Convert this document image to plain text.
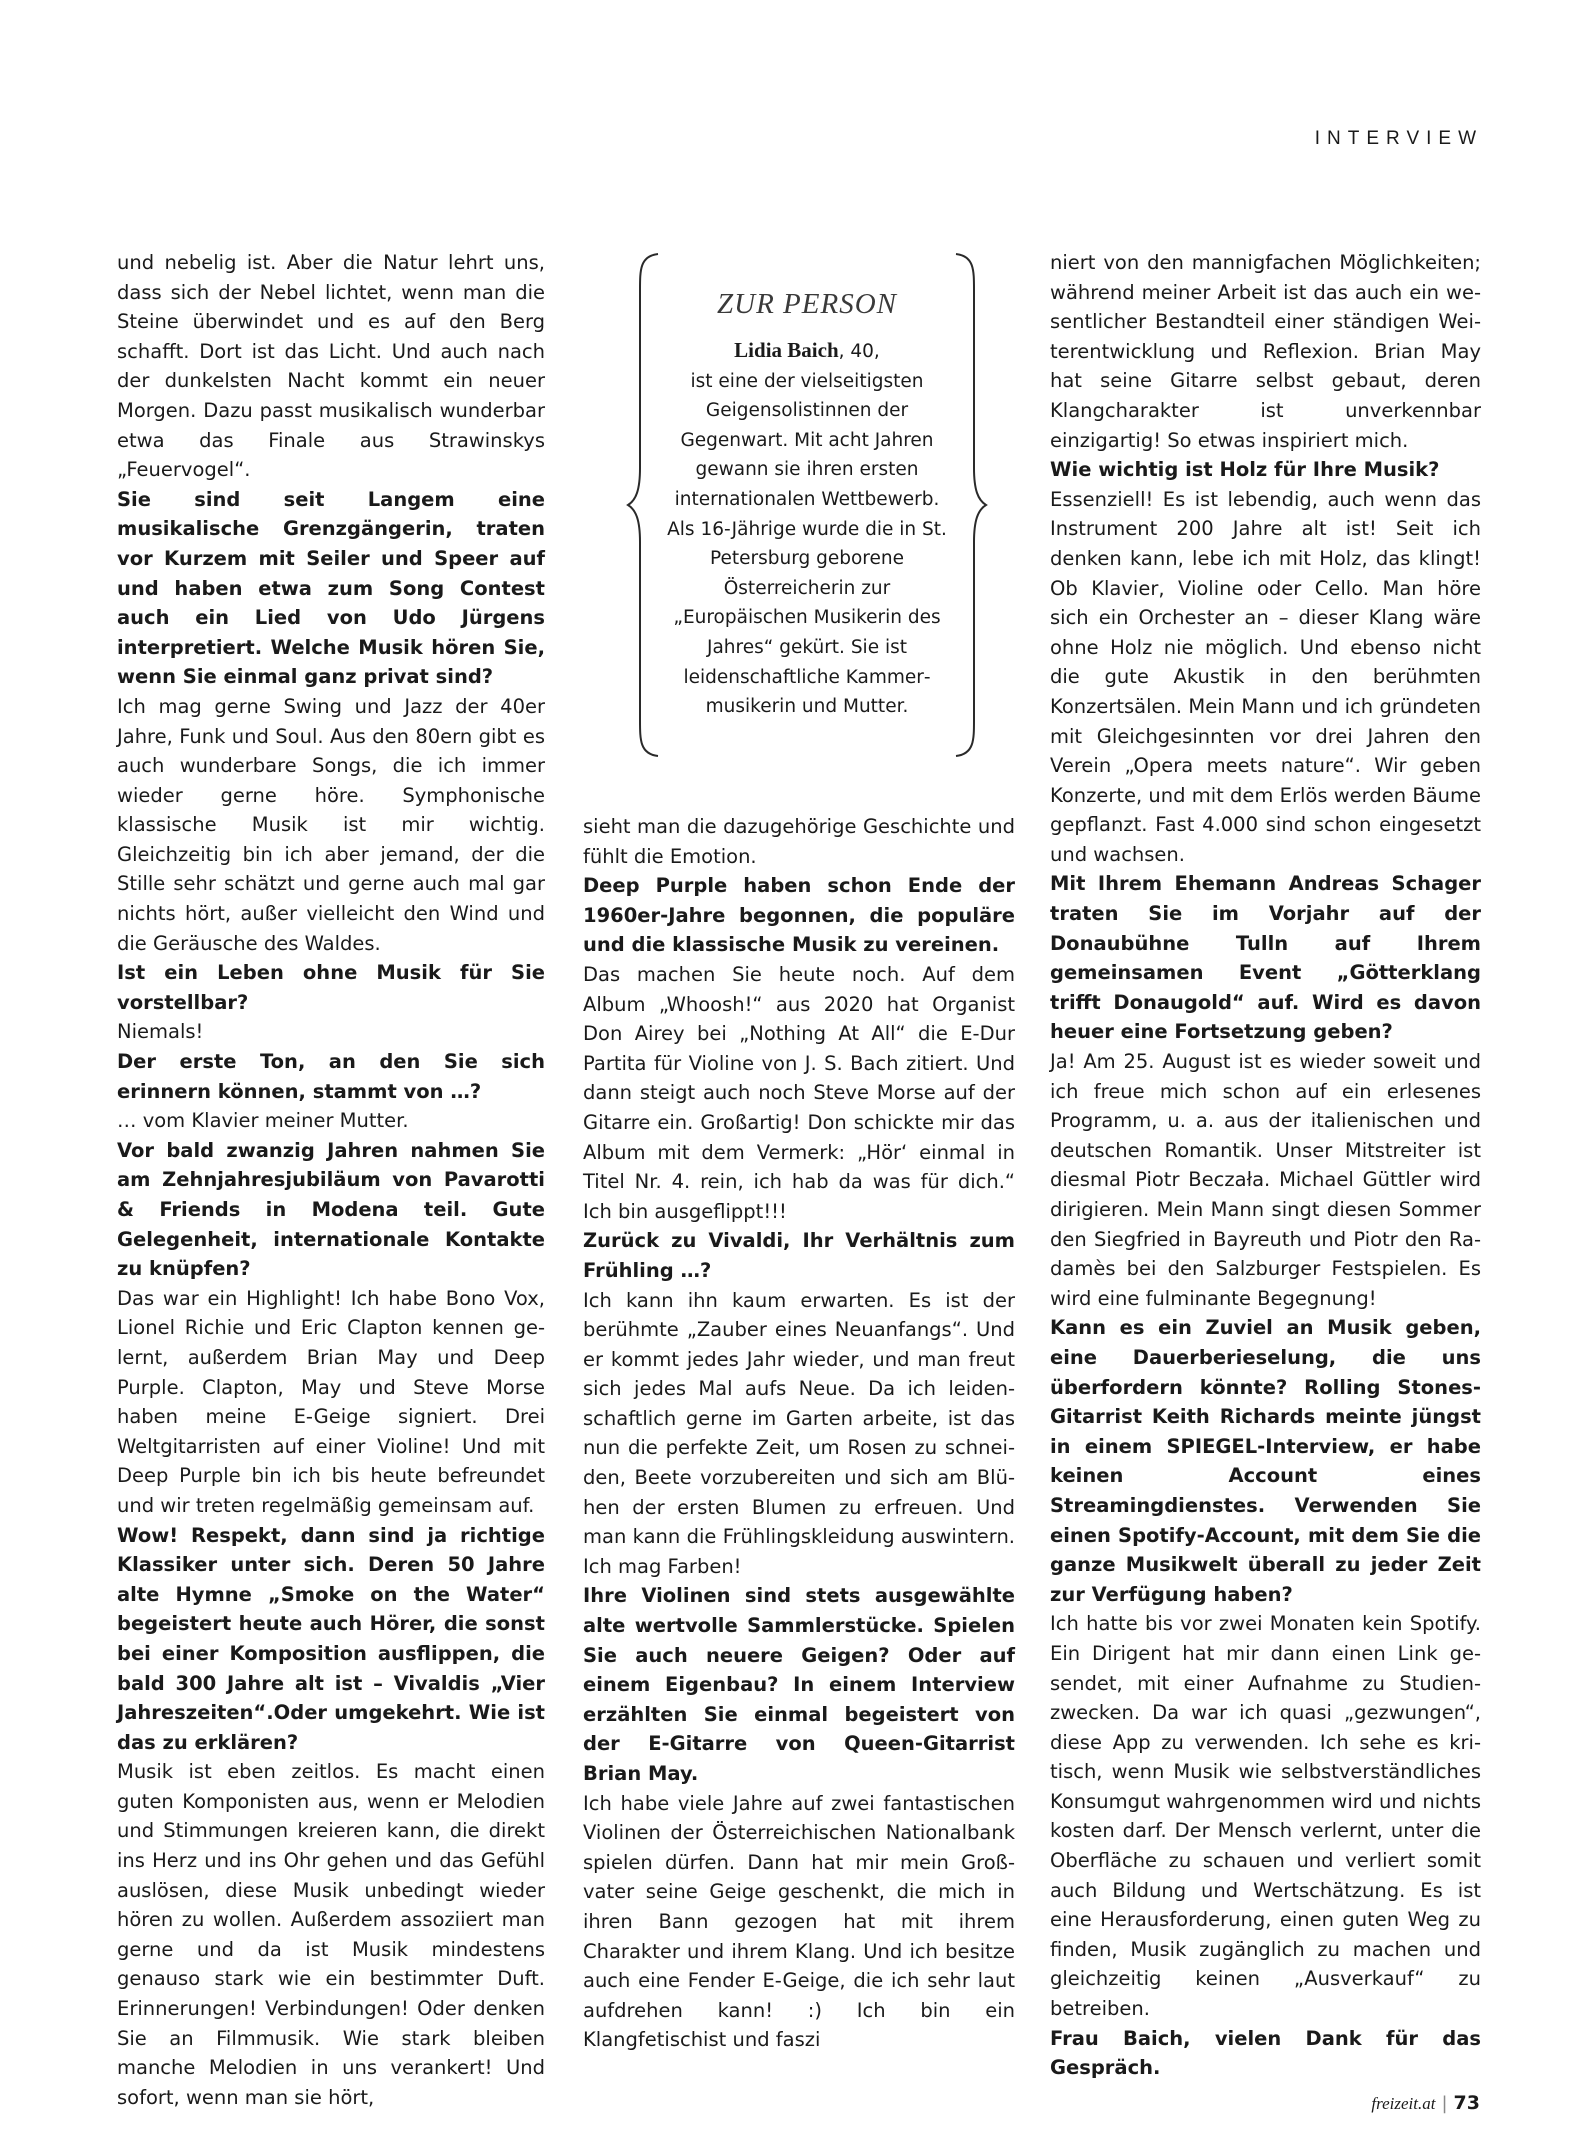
INTERVIEW

und nebelig ist. Aber die Natur lehrt uns, dass sich der Nebel lichtet, wenn man die Steine überwindet und es auf den Berg schafft. Dort ist das Licht. Und auch nach der dunkelsten Nacht kommt ein neuer Morgen. Dazu passt musikalisch wunderbar etwa das Finale aus Strawinskys „Feuervogel“.

Sie sind seit Langem eine musikalische Grenzgängerin, traten vor Kurzem mit Seiler und Speer auf und haben etwa zum Song Contest auch ein Lied von Udo Jürgens interpretiert. Welche Musik hören Sie, wenn Sie einmal ganz privat sind?

Ich mag gerne Swing und Jazz der 40er Jahre, Funk und Soul. Aus den 80ern gibt es auch wunderbare Songs, die ich immer wieder gerne höre. Symphonische klassische Musik ist mir wichtig. Gleichzeitig bin ich aber jemand, der die Stille sehr schätzt und gerne auch mal gar nichts hört, außer vielleicht den Wind und die Geräusche des Waldes.

Ist ein Leben ohne Musik für Sie vorstellbar?

Niemals!

Der erste Ton, an den Sie sich erinnern können, stammt von …?

… vom Klavier meiner Mutter.

Vor bald zwanzig Jahren nahmen Sie am Zehnjahresjubiläum von Pavarotti & Friends in Modena teil. Gute Gelegenheit, internationale Kontakte zu knüpfen?

Das war ein Highlight! Ich habe Bono Vox, Lionel Richie und Eric Clapton kennen gelernt, außerdem Brian May und Deep Purple. Clapton, May und Steve Morse haben meine E-Geige signiert. Drei Weltgitarristen auf einer Violine! Und mit Deep Purple bin ich bis heute befreundet und wir treten regelmäßig gemeinsam auf.

Wow! Respekt, dann sind ja richtige Klassiker unter sich. Deren 50 Jahre alte Hymne „Smoke on the Water“ begeistert heute auch Hörer, die sonst bei einer Komposition ausflippen, die bald 300 Jahre alt ist – Vivaldis „Vier Jahreszeiten“.Oder umgekehrt. Wie ist das zu erklären?

Musik ist eben zeitlos. Es macht einen guten Komponisten aus, wenn er Melodien und Stimmungen kreieren kann, die direkt ins Herz und ins Ohr gehen und das Gefühl auslösen, diese Musik unbedingt wieder hören zu wollen. Außerdem assoziiert man gerne und da ist Musik mindestens genauso stark wie ein bestimmter Duft. Erinnerungen! Verbindungen! Oder denken Sie an Filmmusik. Wie stark bleiben manche Melodien in uns verankert! Und sofort, wenn man sie hört,

ZUR PERSON
Lidia Baich, 40,
ist eine der vielseitigsten Geigensolistinnen der Gegenwart. Mit acht Jahren gewann sie ihren ersten internationalen Wettbewerb. Als 16-Jährige wurde die in St. Petersburg geborene Österreicherin zur „Europäischen Musikerin des Jahres“ gekürt. Sie ist leidenschaftliche Kammermusikerin und Mutter.

sieht man die dazugehörige Geschichte und fühlt die Emotion.

Deep Purple haben schon Ende der 1960er-Jahre begonnen, die populäre und die klassische Musik zu vereinen.

Das machen Sie heute noch. Auf dem Album „Whoosh!“ aus 2020 hat Organist Don Airey bei „Nothing At All“ die E-Dur Partita für Violine von J. S. Bach zitiert. Und dann steigt auch noch Steve Morse auf der Gitarre ein. Großartig! Don schickte mir das Album mit dem Vermerk: „Hör‘ einmal in Titel Nr. 4. rein, ich hab da was für dich.“ Ich bin ausgeflippt!!!

Zurück zu Vivaldi, Ihr Verhältnis zum Frühling …?

Ich kann ihn kaum erwarten. Es ist der berühmte „Zauber eines Neuanfangs“. Und er kommt jedes Jahr wieder, und man freut sich jedes Mal aufs Neue. Da ich leidenschaftlich gerne im Garten arbeite, ist das nun die perfekte Zeit, um Rosen zu schneiden, Beete vorzubereiten und sich am Blühen der ersten Blumen zu erfreuen. Und man kann die Frühlingskleidung auswintern. Ich mag Farben!

Ihre Violinen sind stets ausgewählte alte wertvolle Sammlerstücke. Spielen Sie auch neuere Geigen? Oder auf einem Eigenbau? In einem Interview erzählten Sie einmal begeistert von der E-Gitarre von Queen-Gitarrist Brian May.

Ich habe viele Jahre auf zwei fantastischen Violinen der Österreichischen Nationalbank spielen dürfen. Dann hat mir mein Großvater seine Geige geschenkt, die mich in ihren Bann gezogen hat mit ihrem Charakter und ihrem Klang. Und ich besitze auch eine Fender E-Geige, die ich sehr laut aufdrehen kann! :) Ich bin ein Klangfetischist und faszi

niert von den mannigfachen Möglichkeiten; während meiner Arbeit ist das auch ein wesentlicher Bestandteil einer ständigen Weiterentwicklung und Reflexion. Brian May hat seine Gitarre selbst gebaut, deren Klangcharakter ist unverkennbar einzigartig! So etwas inspiriert mich.

Wie wichtig ist Holz für Ihre Musik?

Essenziell! Es ist lebendig, auch wenn das Instrument 200 Jahre alt ist! Seit ich denken kann, lebe ich mit Holz, das klingt! Ob Klavier, Violine oder Cello. Man höre sich ein Orchester an – dieser Klang wäre ohne Holz nie möglich. Und ebenso nicht die gute Akustik in den berühmten Konzertsälen. Mein Mann und ich gründeten mit Gleichgesinnten vor drei Jahren den Verein „Opera meets nature“. Wir geben Konzerte, und mit dem Erlös werden Bäume gepflanzt. Fast 4.000 sind schon eingesetzt und wachsen.

Mit Ihrem Ehemann Andreas Schager traten Sie im Vorjahr auf der Donaubühne Tulln auf Ihrem gemeinsamen Event „Götterklang trifft Donaugold“ auf. Wird es davon heuer eine Fortsetzung geben?

Ja! Am 25. August ist es wieder soweit und ich freue mich schon auf ein erlesenes Programm, u. a. aus der italienischen und deutschen Romantik. Unser Mitstreiter ist diesmal Piotr Beczała. Michael Güttler wird dirigieren. Mein Mann singt diesen Sommer den Siegfried in Bayreuth und Piotr den Radamès bei den Salzburger Festspielen. Es wird eine fulminante Begegnung!

Kann es ein Zuviel an Musik geben, eine Dauerberieselung, die uns überfordern könnte? Rolling Stones-Gitarrist Keith Richards meinte jüngst in einem SPIEGEL-Interview, er habe keinen Account eines Streamingdienstes. Verwenden Sie einen Spotify-Account, mit dem Sie die ganze Musikwelt überall zu jeder Zeit zur Verfügung haben?

Ich hatte bis vor zwei Monaten kein Spotify. Ein Dirigent hat mir dann einen Link gesendet, mit einer Aufnahme zu Studienzwecken. Da war ich quasi „gezwungen“, diese App zu verwenden. Ich sehe es kritisch, wenn Musik wie selbstverständliches Konsumgut wahrgenommen wird und nichts kosten darf. Der Mensch verlernt, unter die Oberfläche zu schauen und verliert somit auch Bildung und Wertschätzung. Es ist eine Herausforderung, einen guten Weg zu finden, Musik zugänglich zu machen und gleichzeitig keinen „Ausverkauf“ zu betreiben.

Frau Baich, vielen Dank für das Gespräch.

freizeit.at | 73
